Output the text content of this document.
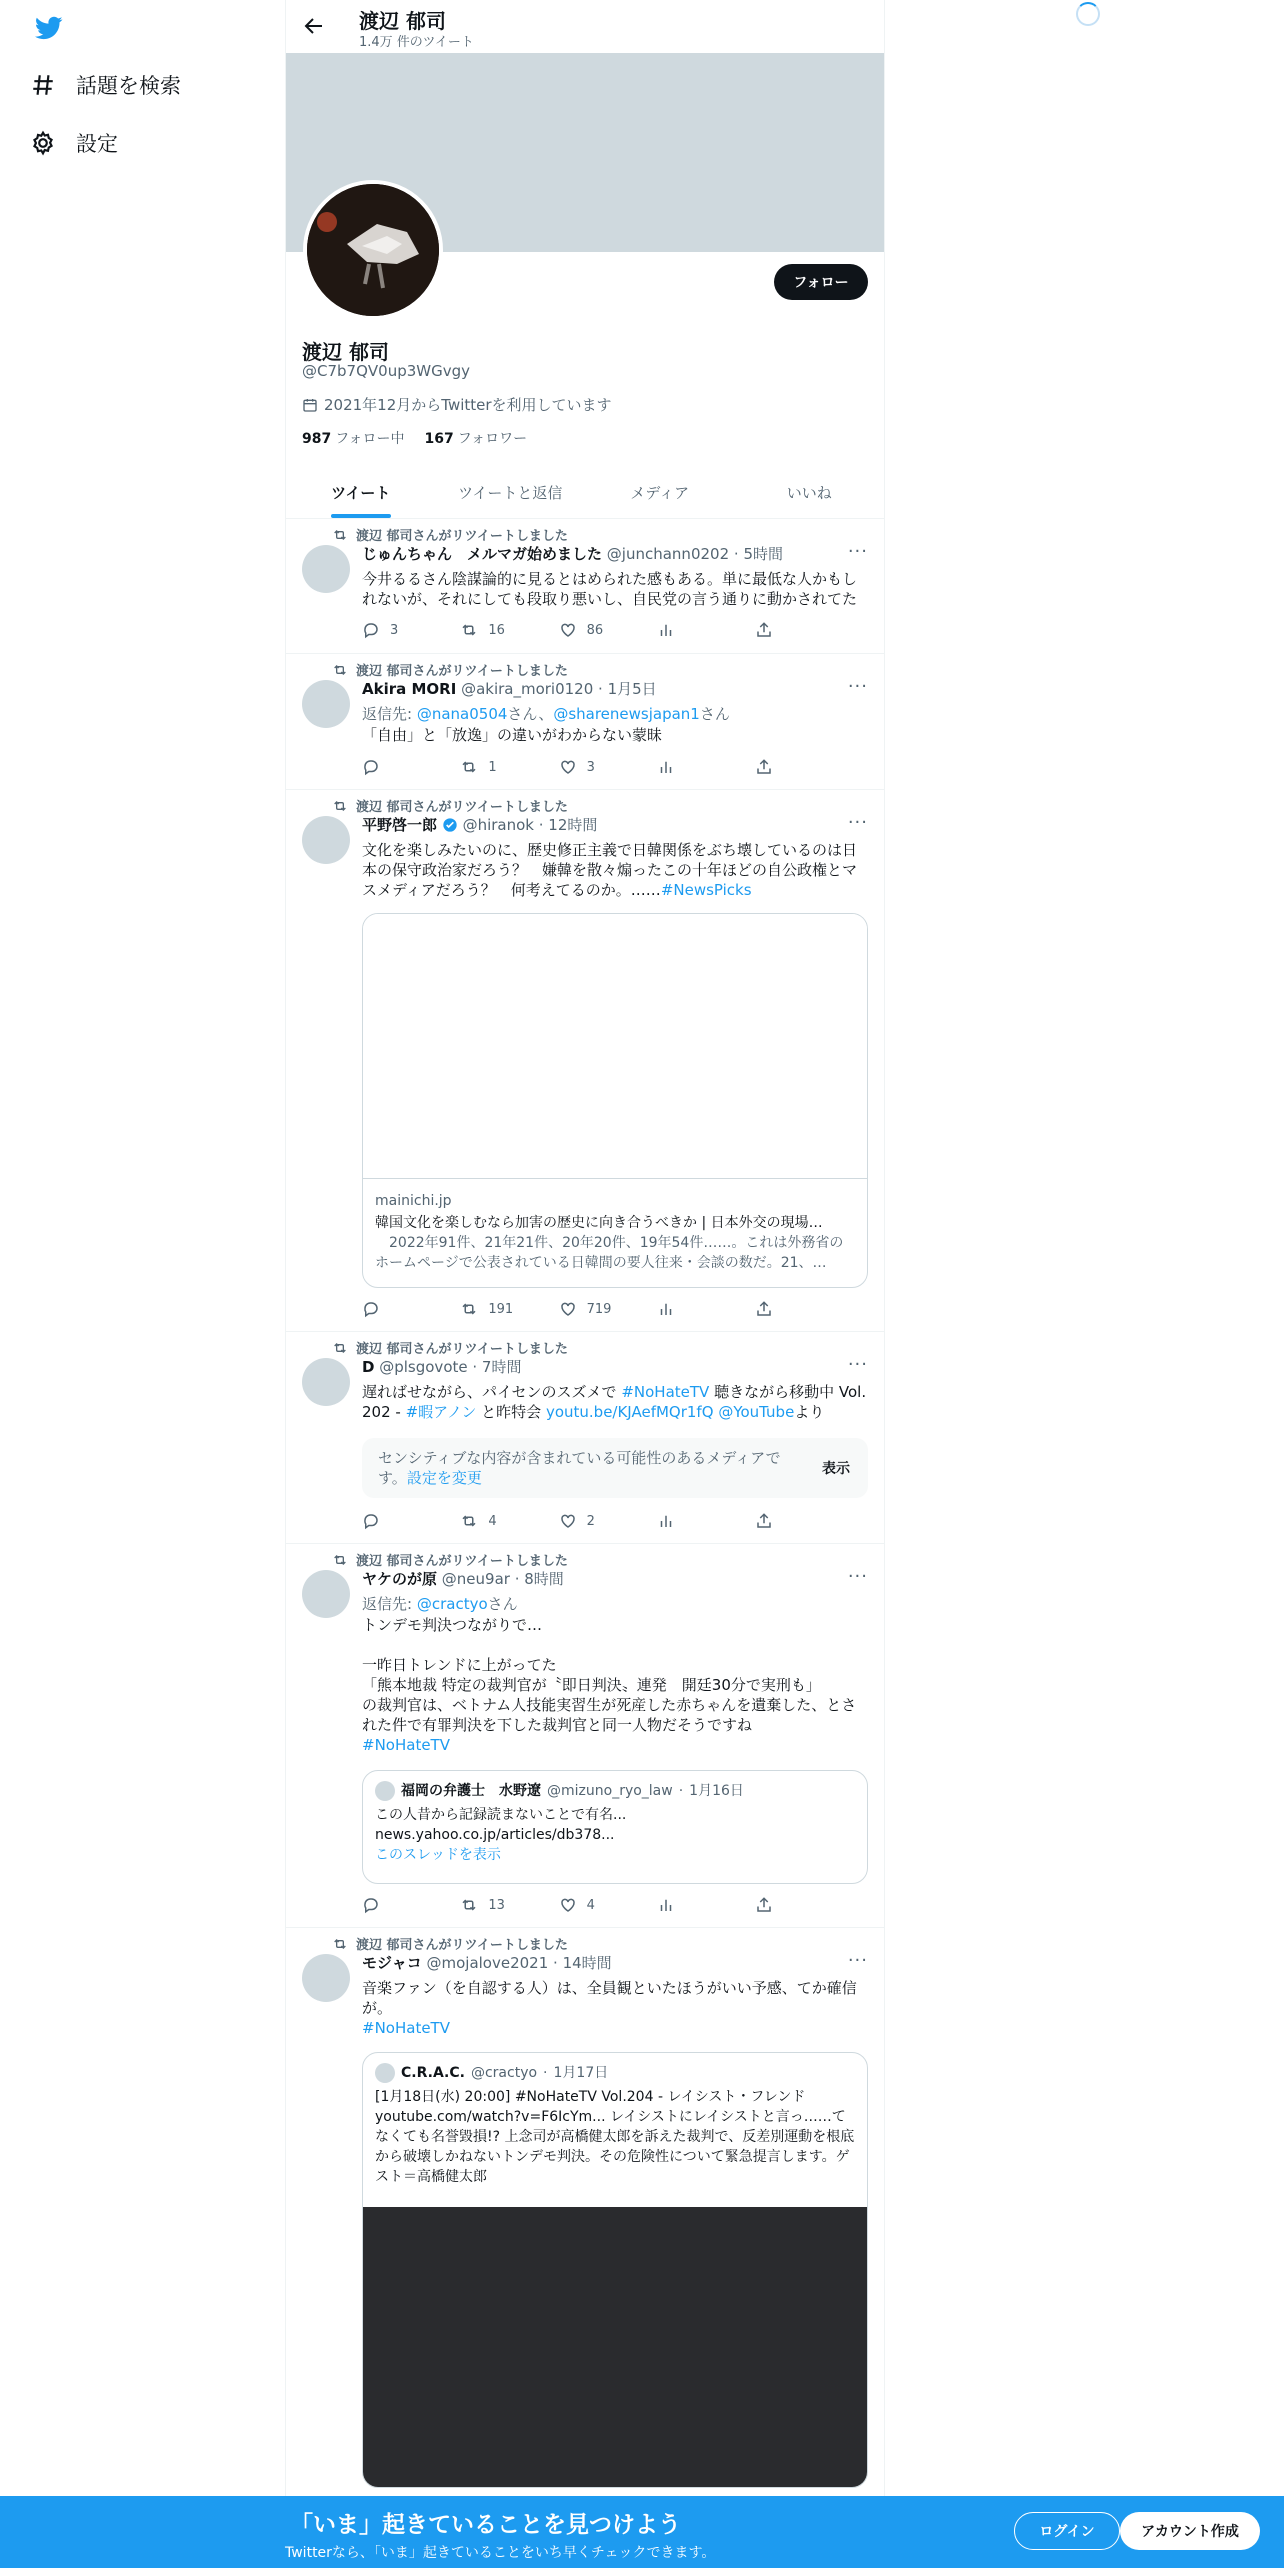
話題を検索
設定
渡辺 郁司
1.4万 件のツイート
フォロー
渡辺 郁司
@C7b7QV0up3WGvgy
2021年12月からTwitterを利用しています
987 フォロー中 167 フォロワー
ツイート	ツイートと返信	メディア	いいね
渡辺 郁司さんがリツイートしました
じゅんちゃん　メルマガ始めました @junchann0202 · 5時間	···
今井るるさん陰謀論的に見るとはめられた感もある。単に最低な人かもしれないが、それにしても段取り悪いし、自民党の言う通りに動かされてた
3	16	86
渡辺 郁司さんがリツイートしました
Akira MORI @akira_mori0120 · 1月5日	···
返信先: @nana0504さん、@sharenewsjapan1さん
「自由」と「放逸」の違いがわからない蒙昧
1	3
渡辺 郁司さんがリツイートしました
平野啓一郎 @hiranok · 12時間	···
文化を楽しみたいのに、歴史修正主義で日韓関係をぶち壊しているのは日本の保守政治家だろう？　嫌韓を散々煽ったこの十年ほどの自公政権とマスメディアだろう？　何考えてるのか。……#NewsPicks
mainichi.jp
韓国文化を楽しむなら加害の歴史に向き合うべきか | 日本外交の現場…
　2022年91件、21年21件、20年20件、19年54件……。これは外務省のホームページで公表されている日韓間の要人往来・会談の数だ。21、…
191	719
渡辺 郁司さんがリツイートしました
D @plsgovote · 7時間	···
遅ればせながら、パイセンのスズメで #NoHateTV 聴きながら移動中 Vol.202 - #暇アノン と昨特会 youtu.be/KJAefMQr1fQ @YouTubeより
センシティブな内容が含まれている可能性のあるメディアです。設定を変更	表示
4	2
渡辺 郁司さんがリツイートしました
ヤケのが原 @neu9ar · 8時間	···
返信先: @cractyoさん
トンデモ判決つながりで…

一昨日トレンドに上がってた
「熊本地裁 特定の裁判官が〝即日判決〟連発　開廷30分で実刑も」
の裁判官は、ベトナム人技能実習生が死産した赤ちゃんを遺棄した、とされた件で有罪判決を下した裁判官と同一人物だそうですね
#NoHateTV
福岡の弁護士　水野遼 @mizuno_ryo_law · 1月16日
この人昔から記録読まないことで有名...
news.yahoo.co.jp/articles/db378...
このスレッドを表示
13	4
渡辺 郁司さんがリツイートしました
モジャコ @mojalove2021 · 14時間	···
音楽ファン（を自認する人）は、全員観といたほうがいい予感、てか確信が。
#NoHateTV
C.R.A.C. @cractyo · 1月17日
[1月18日(水) 20:00] #NoHateTV Vol.204 - レイシスト・フレンド
youtube.com/watch?v=F6IcYm... レイシストにレイシストと言っ……てなくても名誉毀損!? 上念司が高橋健太郎を訴えた裁判で、反差別運動を根底から破壊しかねないトンデモ判決。その危険性について緊急提言します。ゲスト＝高橋健太郎
「いま」起きていることを見つけよう
Twitterなら、「いま」起きていることをいち早くチェックできます。
ログイン	アカウント作成
